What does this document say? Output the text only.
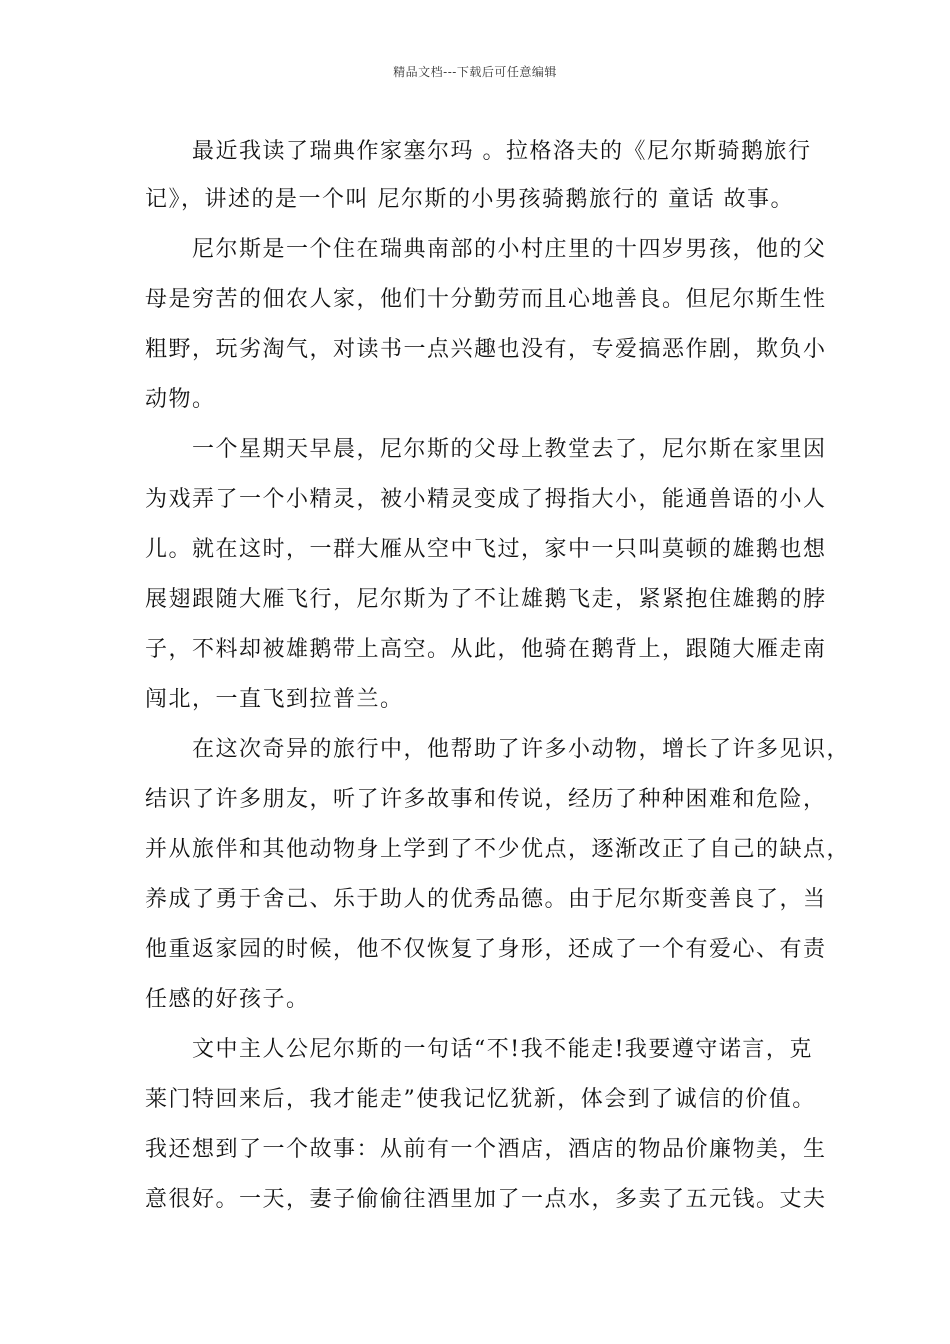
精品文档---下载后可任意编辑
　　最近我读了瑞典作家塞尔玛 。拉格洛夫的《尼尔斯骑鹅旅行
记》，讲述的是一个叫 尼尔斯的小男孩骑鹅旅行的 童话 故事。
　　尼尔斯是一个住在瑞典南部的小村庄里的十四岁男孩，他的父
母是穷苦的佃农人家，他们十分勤劳而且心地善良。但尼尔斯生性
粗野，玩劣淘气，对读书一点兴趣也没有，专爱搞恶作剧，欺负小
动物。
　　一个星期天早晨，尼尔斯的父母上教堂去了，尼尔斯在家里因
为戏弄了一个小精灵，被小精灵变成了拇指大小，能通兽语的小人
儿。就在这时，一群大雁从空中飞过，家中一只叫莫顿的雄鹅也想
展翅跟随大雁飞行，尼尔斯为了不让雄鹅飞走，紧紧抱住雄鹅的脖
子，不料却被雄鹅带上高空。从此，他骑在鹅背上，跟随大雁走南
闯北，一直飞到拉普兰。
　　在这次奇异的旅行中，他帮助了许多小动物，增长了许多见识，
结识了许多朋友，听了许多故事和传说，经历了种种困难和危险，
并从旅伴和其他动物身上学到了不少优点，逐渐改正了自己的缺点，
养成了勇于舍己、乐于助人的优秀品德。由于尼尔斯变善良了，当
他重返家园的时候，他不仅恢复了身形，还成了一个有爱心、有责
任感的好孩子。
　　文中主人公尼尔斯的一句话“不!我不能走!我要遵守诺言，克
莱门特回来后，我才能走”使我记忆犹新，体会到了诚信的价值。
我还想到了一个故事：从前有一个酒店，酒店的物品价廉物美，生
意很好。一天，妻子偷偷往酒里加了一点水，多卖了五元钱。丈夫
